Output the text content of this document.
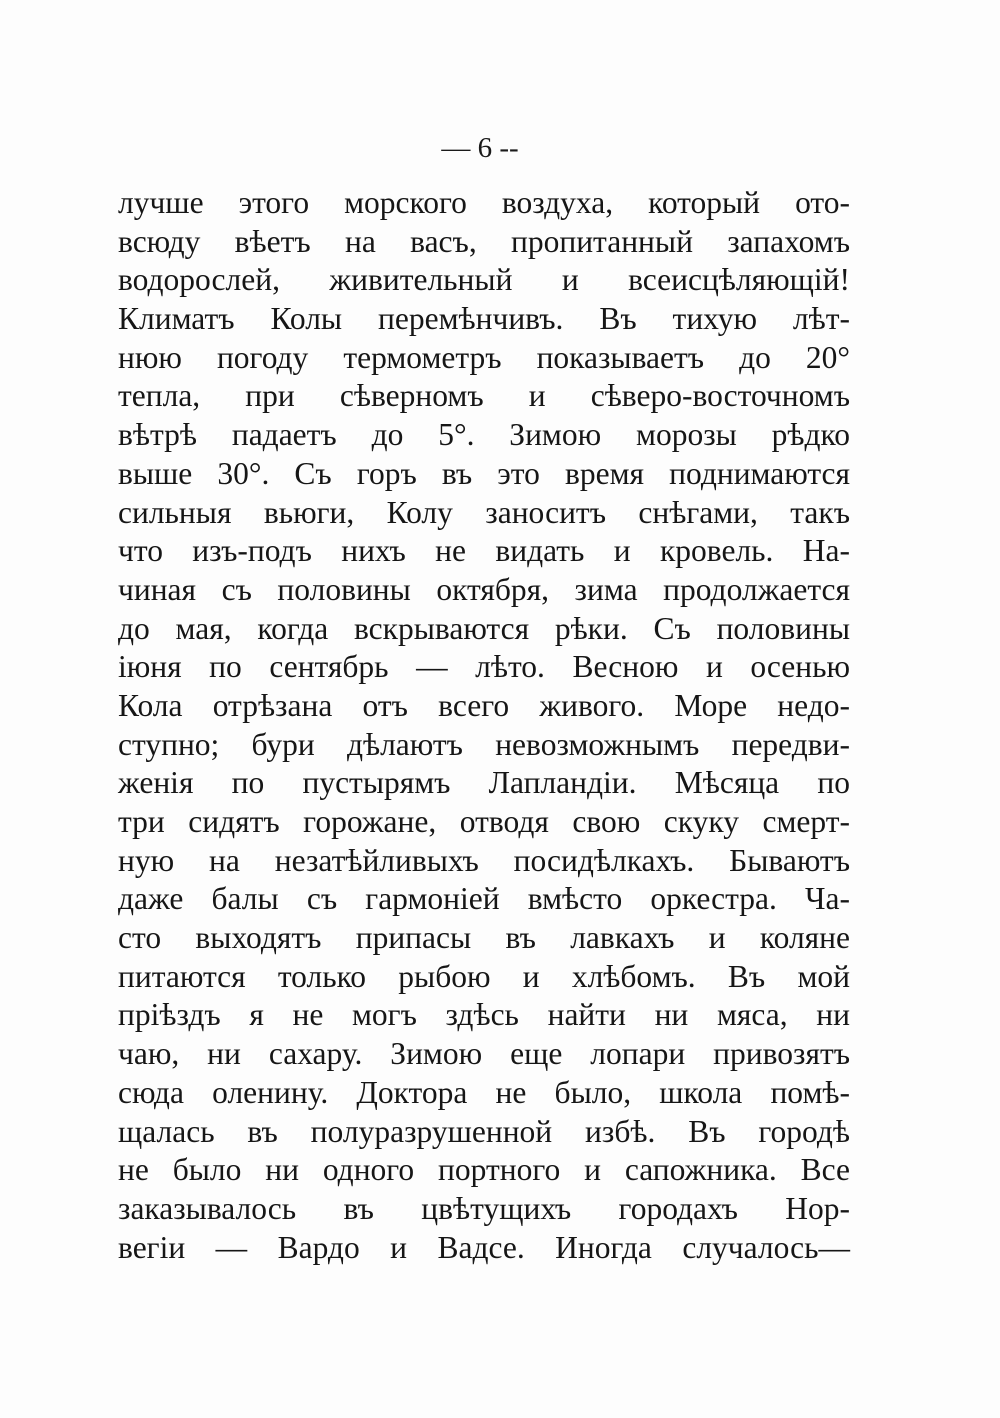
— 6 --
лучше этого морского воздуха, который ото-
всюду вѣетъ на васъ, пропитанный запахомъ
водорослей, живительный и всеисцѣляющій!
Климатъ Колы перемѣнчивъ. Въ тихую лѣт-
нюю погоду термометръ показываетъ до 20°
тепла, при сѣверномъ и сѣверо-восточномъ
вѣтрѣ падаетъ до 5°. Зимою морозы рѣдко
выше 30°. Съ горъ въ это время поднимаются
сильныя вьюги, Колу заноситъ снѣгами, такъ
что изъ-подъ нихъ не видать и кровель. На-
чиная съ половины октября, зима продолжается
до мая, когда вскрываются рѣки. Съ половины
іюня по сентябрь — лѣто. Весною и осенью
Кола отрѣзана отъ всего живого. Море недо-
ступно; бури дѣлаютъ невозможнымъ передви-
женія по пустырямъ Лапландіи. Мѣсяца по
три сидятъ горожане, отводя свою скуку смерт-
ную на незатѣйливыхъ посидѣлкахъ. Бываютъ
даже балы съ гармоніей вмѣсто оркестра. Ча-
сто выходятъ припасы въ лавкахъ и коляне
питаются только рыбою и хлѣбомъ. Въ мой
пріѣздъ я не могъ здѣсь найти ни мяса, ни
чаю, ни сахару. Зимою еще лопари привозятъ
сюда оленину. Доктора не было, школа помѣ-
щалась въ полуразрушенной избѣ. Въ городѣ
не было ни одного портного и сапожника. Все
заказывалось въ цвѣтущихъ городахъ Нор-
вегіи — Вардо и Вадсе. Иногда случалось—
